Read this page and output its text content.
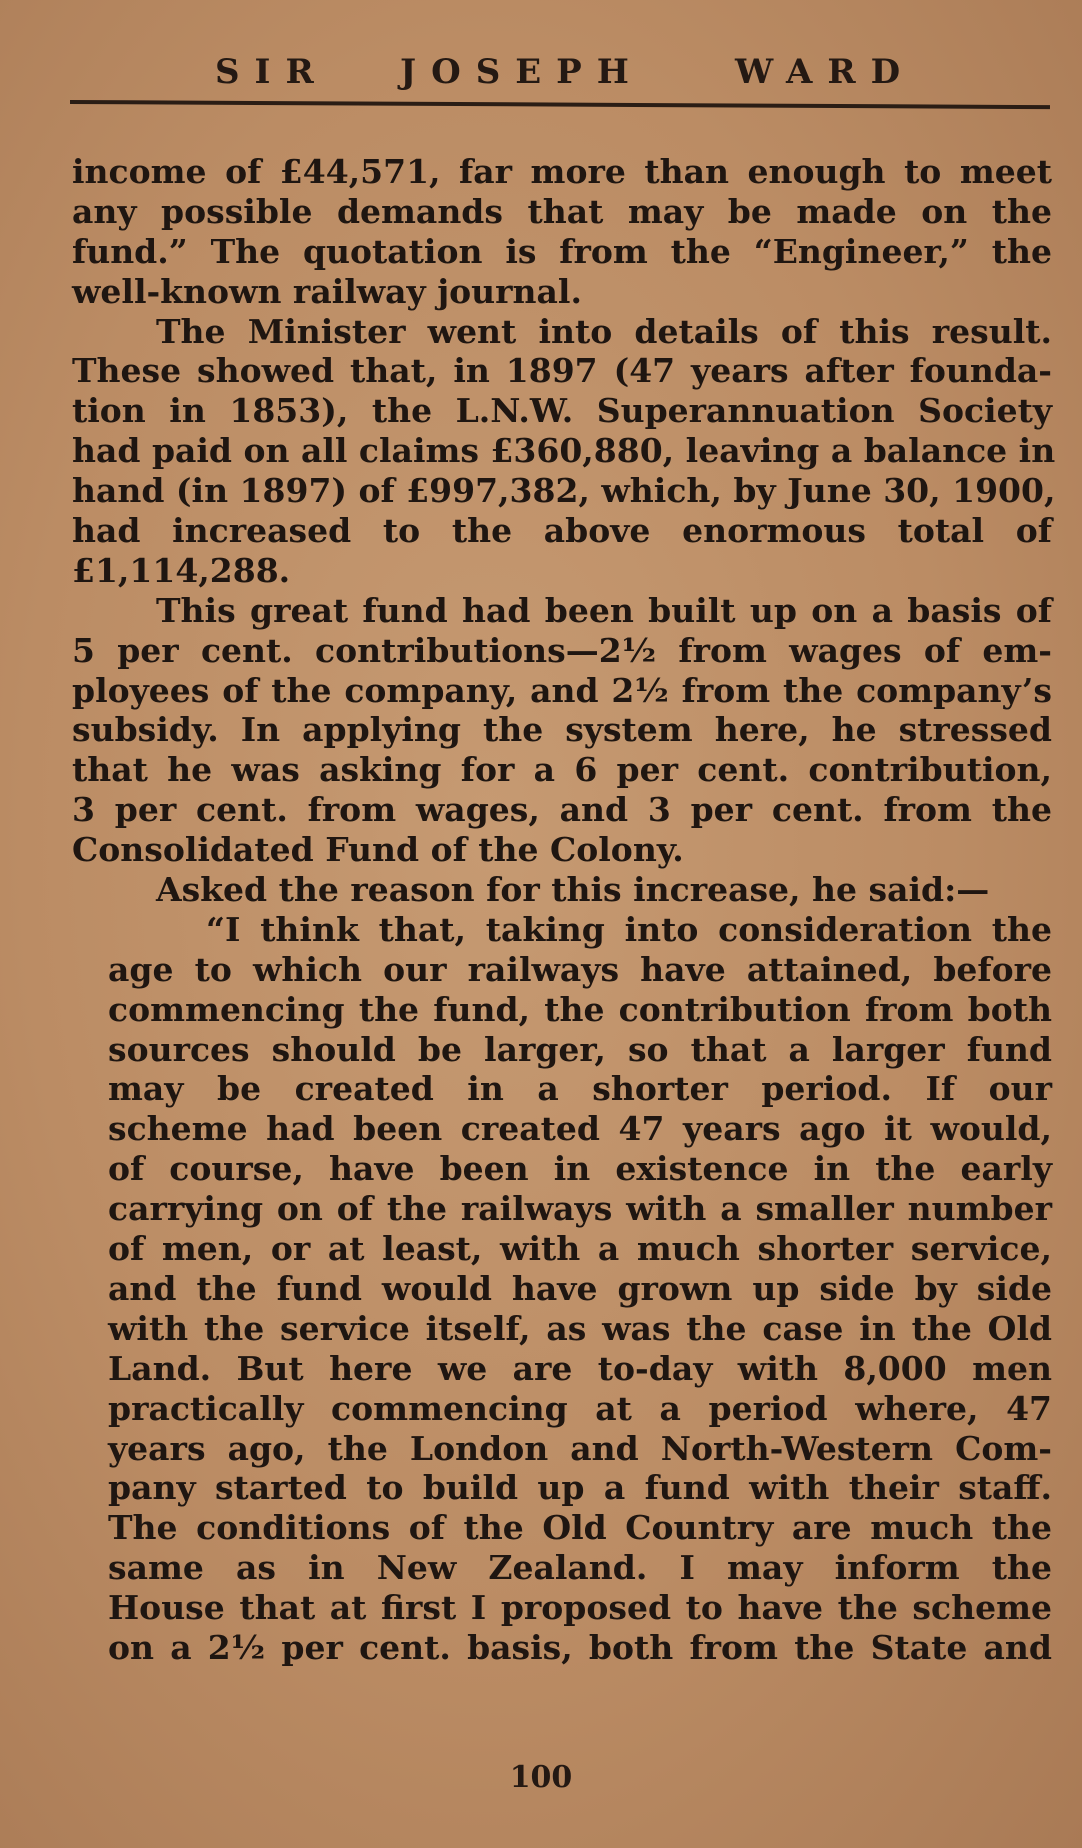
SIR JOSEPH	WARD
income of £44,571, far more than enough to meet
any possible demands that may be made on the
fund.” The quotation is from the “Engineer,” the
well-known railway journal.
The Minister went into details of this result.
These showed that, in 1897 (47 years after founda-
tion in 1853), the L.N.W. Superannuation Society
had paid on all claims £360,880, leaving a balance in
hand (in 1897) of £997,382, which, by June 30, 1900,
had increased to the above enormous total of
£1,114,288.
This great fund had been built up on a basis of
5 per cent. contributions—2½ from wages of em-
ployees of the company, and 2½ from the company’s
subsidy. In applying the system here, he stressed
that he was asking for a 6 per cent. contribution,
3 per cent. from wages, and 3 per cent. from the
Consolidated Fund of the Colony.
Asked the reason for this increase, he said:—
“I think that, taking into consideration the
age to which our railways have attained, before
commencing the fund, the contribution from both
sources should be larger, so that a larger fund
may be created in a shorter period. If our
scheme had been created 47 years ago it would,
of course, have been in existence in the early
carrying on of the railways with a smaller number
of men, or at least, with a much shorter service,
and the fund would have grown up side by side
with the service itself, as was the case in the Old
Land. But here we are to-day with 8,000 men
practically commencing at a period where, 47
years ago, the London and North-Western Com-
pany started to build up a fund with their staff.
The conditions of the Old Country are much the
same as in New Zealand. I may inform the
House that at first I proposed to have the scheme
on a 2½ per cent. basis, both from the State and
100
